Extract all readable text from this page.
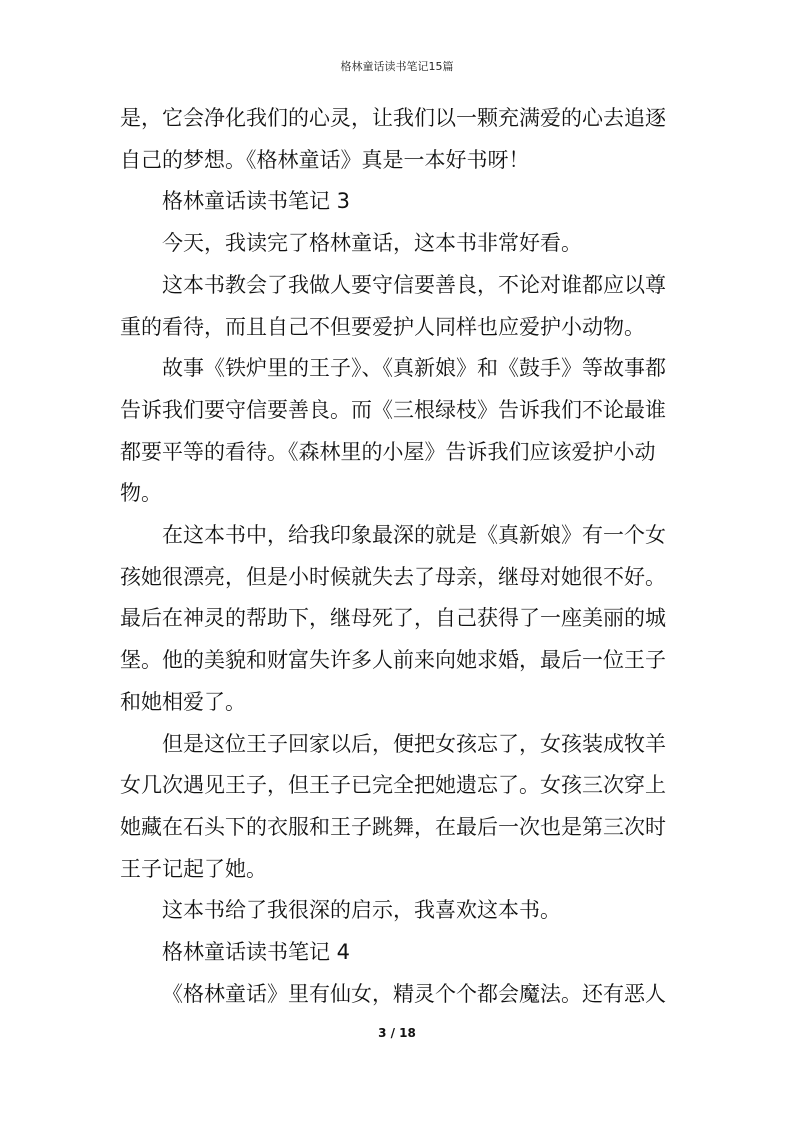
格林童话读书笔记15篇

是，它会净化我们的心灵，让我们以一颗充满爱的心去追逐

自己的梦想。《格林童话》真是一本好书呀！

格林童话读书笔记 3

今天，我读完了格林童话，这本书非常好看。

这本书教会了我做人要守信要善良，不论对谁都应以尊

重的看待，而且自己不但要爱护人同样也应爱护小动物。

故事《铁炉里的王子》、《真新娘》和《鼓手》等故事都

告诉我们要守信要善良。而《三根绿枝》告诉我们不论最谁

都要平等的看待。《森林里的小屋》告诉我们应该爱护小动

物。

在这本书中，给我印象最深的就是《真新娘》有一个女

孩她很漂亮，但是小时候就失去了母亲，继母对她很不好。

最后在神灵的帮助下，继母死了，自己获得了一座美丽的城

堡。他的美貌和财富失许多人前来向她求婚，最后一位王子

和她相爱了。

但是这位王子回家以后，便把女孩忘了，女孩装成牧羊

女几次遇见王子，但王子已完全把她遗忘了。女孩三次穿上

她藏在石头下的衣服和王子跳舞，在最后一次也是第三次时

王子记起了她。

这本书给了我很深的启示，我喜欢这本书。

格林童话读书笔记 4

《格林童话》里有仙女，精灵个个都会魔法。还有恶人

3 / 18
